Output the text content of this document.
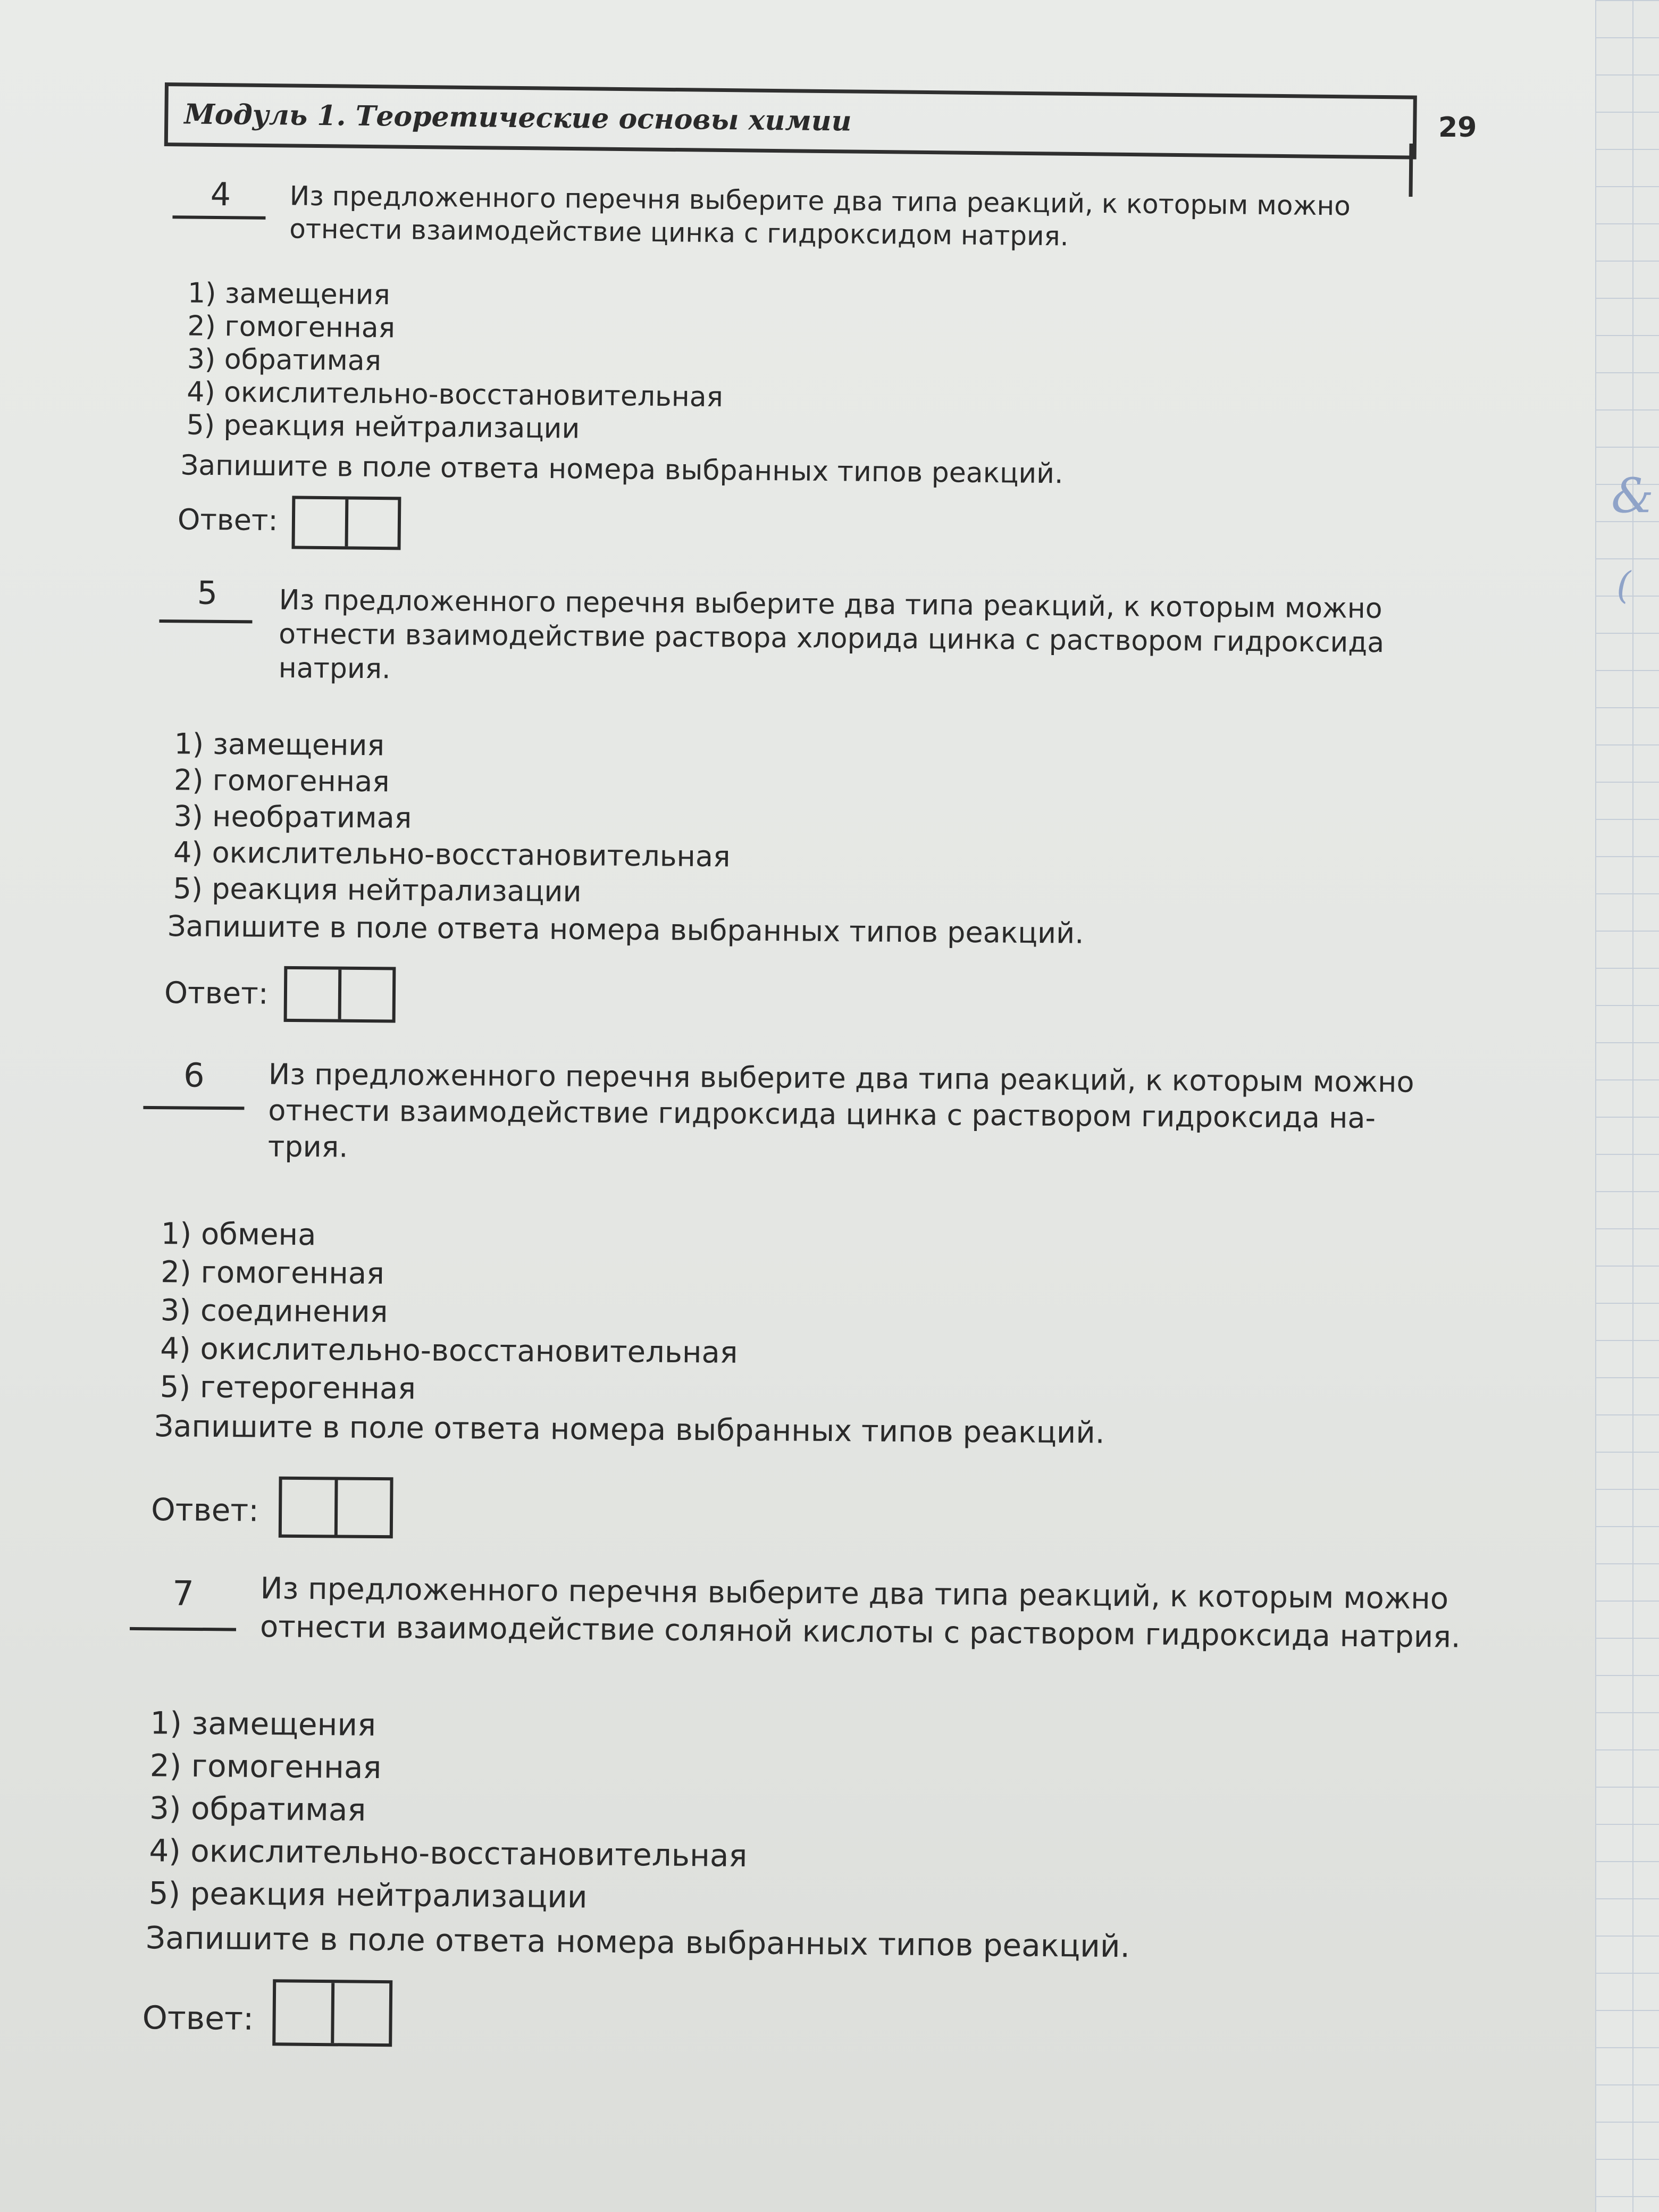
Модуль 1. Теоретические основы химии	29
4	Из предложенного перечня выберите два типа реакций, к которым можно
отнести взаимодействие цинка с гидроксидом натрия.
1) замещения
2) гомогенная
3) обратимая
4) окислительно-восстановительная
5) реакция нейтрализации
Запишите в поле ответа номера выбранных типов реакций.
Ответ:
5	Из предложенного перечня выберите два типа реакций, к которым можно
отнести взаимодействие раствора хлорида цинка с раствором гидроксида
натрия.
1) замещения
2) гомогенная
3) необратимая
4) окислительно-восстановительная
5) реакция нейтрализации
Запишите в поле ответа номера выбранных типов реакций.
Ответ:
6	Из предложенного перечня выберите два типа реакций, к которым можно
отнести взаимодействие гидроксида цинка с раствором гидроксида на-
трия.
1) обмена
2) гомогенная
3) соединения
4) окислительно-восстановительная
5) гетерогенная
Запишите в поле ответа номера выбранных типов реакций.
Ответ:
7	Из предложенного перечня выберите два типа реакций, к которым можно
отнести взаимодействие соляной кислоты с раствором гидроксида натрия.
1) замещения
2) гомогенная
3) обратимая
4) окислительно-восстановительная
5) реакция нейтрализации
Запишите в поле ответа номера выбранных типов реакций.
Ответ:
&
(
